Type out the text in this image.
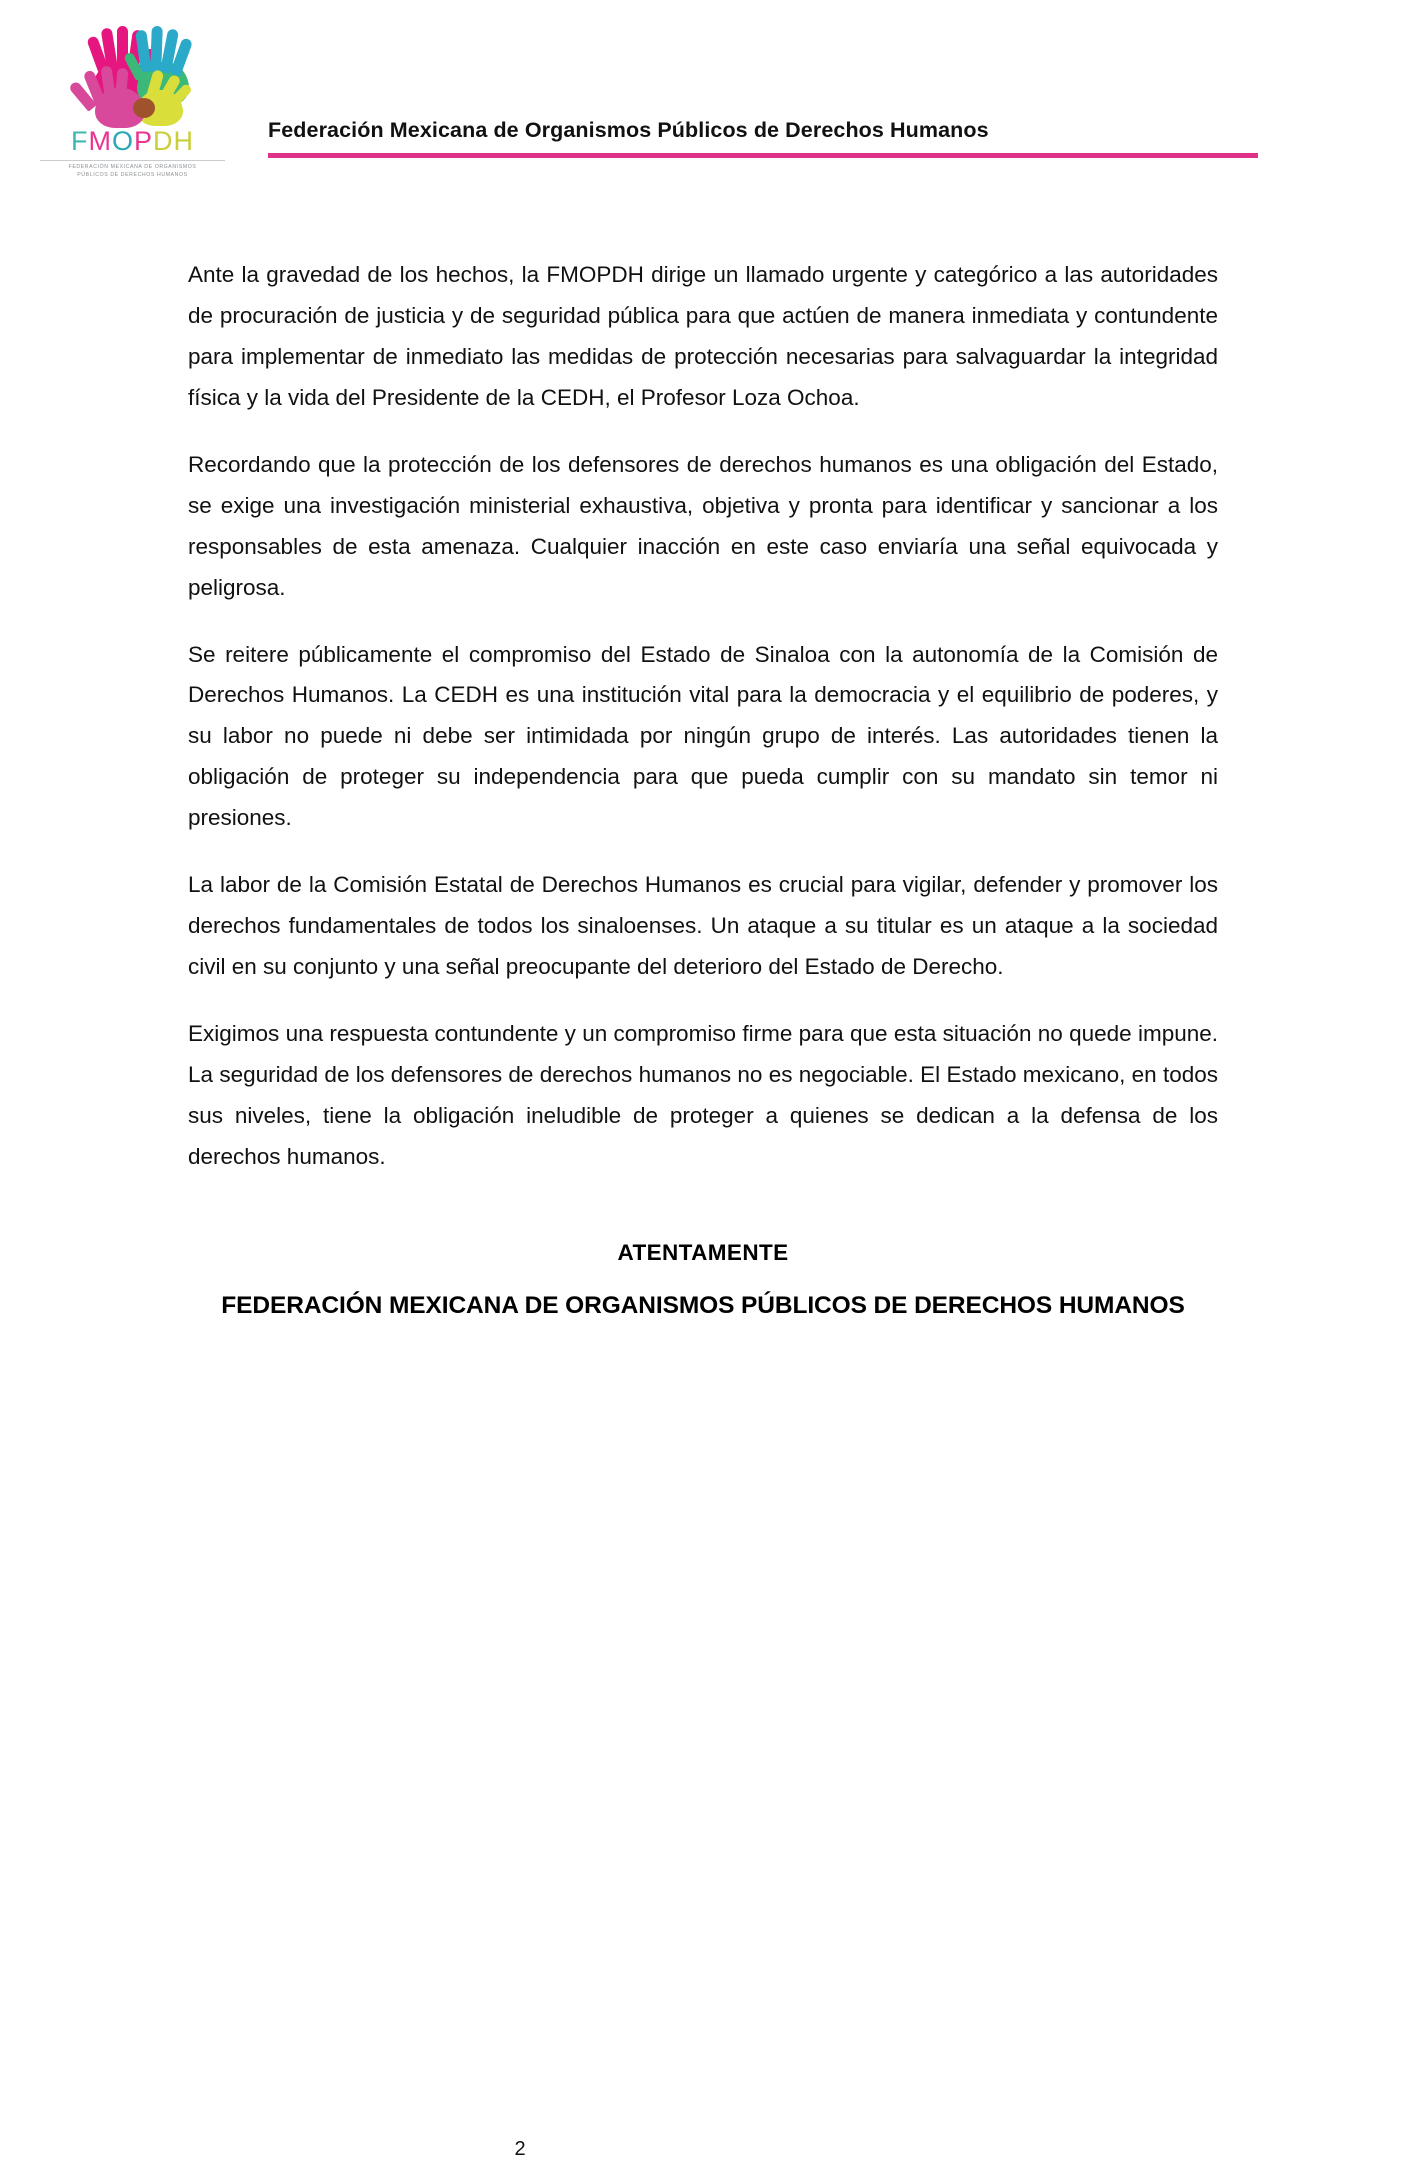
FMOPDH
FEDERACIÓN MEXICANA DE ORGANISMOS
PÚBLICOS DE DERECHOS HUMANOS
Federación Mexicana de Organismos Públicos de Derechos Humanos

Ante la gravedad de los hechos, la FMOPDH dirige un llamado urgente y categórico a las autoridades de procuración de justicia y de seguridad pública para que actúen de manera inmediata y contundente para implementar de inmediato las medidas de protección necesarias para salvaguardar la integridad física y la vida del Presidente de la CEDH, el Profesor Loza Ochoa.

Recordando que la protección de los defensores de derechos humanos es una obligación del Estado, se exige una investigación ministerial exhaustiva, objetiva y pronta para identificar y sancionar a los responsables de esta amenaza. Cualquier inacción en este caso enviaría una señal equivocada y peligrosa.

Se reitere públicamente el compromiso del Estado de Sinaloa con la autonomía de la Comisión de Derechos Humanos. La CEDH es una institución vital para la democracia y el equilibrio de poderes, y su labor no puede ni debe ser intimidada por ningún grupo de interés. Las autoridades tienen la obligación de proteger su independencia para que pueda cumplir con su mandato sin temor ni presiones.

La labor de la Comisión Estatal de Derechos Humanos es crucial para vigilar, defender y promover los derechos fundamentales de todos los sinaloenses. Un ataque a su titular es un ataque a la sociedad civil en su conjunto y una señal preocupante del deterioro del Estado de Derecho.

Exigimos una respuesta contundente y un compromiso firme para que esta situación no quede impune. La seguridad de los defensores de derechos humanos no es negociable. El Estado mexicano, en todos sus niveles, tiene la obligación ineludible de proteger a quienes se dedican a la defensa de los derechos humanos.

ATENTAMENTE
FEDERACIÓN MEXICANA DE ORGANISMOS PÚBLICOS DE DERECHOS HUMANOS
2
